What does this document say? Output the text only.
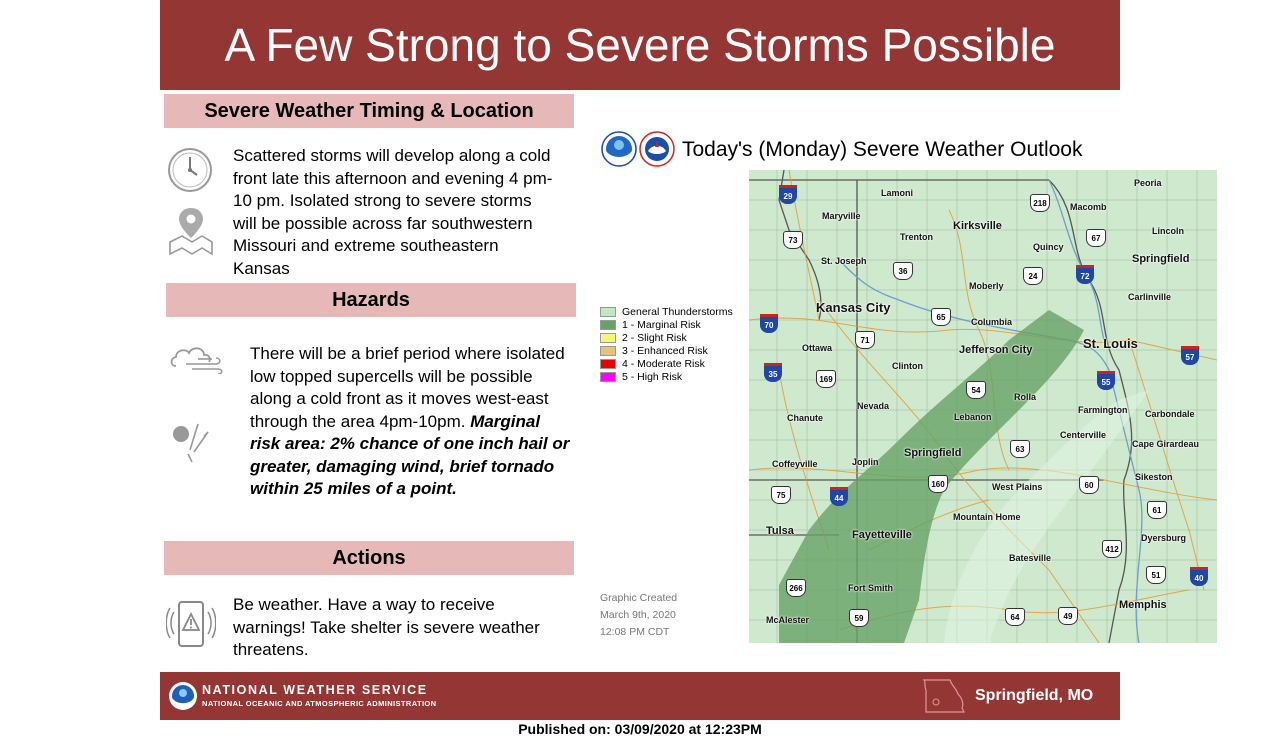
A Few Strong to Severe Storms Possible
Severe Weather Timing & Location
Scattered storms will develop along a cold front late this afternoon and evening 4 pm-10 pm. Isolated strong to severe storms will be possible across far southwestern Missouri and extreme southeastern Kansas
Hazards
There will be a brief period where isolated low topped supercells will be possible along a cold front as it moves west-east through the area 4pm-10pm. Marginal risk area: 2% chance of one inch hail or greater, damaging wind, brief tornado within 25 miles of a point.
Actions
Be weather. Have a way to receive warnings! Take shelter is severe weather threatens.
Today's (Monday) Severe Weather Outlook
General Thunderstorms
1 - Marginal Risk
2 - Slight Risk
3 - Enhanced Risk
4 - Moderate Risk
5 - High Risk
Graphic Created
March 9th, 2020
12:08 PM CDT
Peoria
Lamoni
Macomb
Maryville
Kirksville	Lincoln
Trenton
Quincy
St. Joseph	Springfield
Carlinville
Moberly
Kansas City
Columbia
St. Louis
Ottawa	Jefferson City
Clinton
Rolla
Farmington Carbondale
Nevada
Lebanon
Chanute
Centerville
Cape Girardeau
Springfield
Joplin
Coffeyville
Sikeston
West Plains
Mountain Home
Tulsa	Fayetteville	Dyersburg
Batesville
Fort Smith
McAlester
Memphis
29
218
73
36
67
24	72
65
70
71
57
35
169
54
55
63
44
160	60
75
61
412
51
266
40
59	64	49
NATIONAL WEATHER SERVICE
NATIONAL OCEANIC AND ATMOSPHERIC ADMINISTRATION	Springfield, MO
Published on: 03/09/2020 at 12:23PM
